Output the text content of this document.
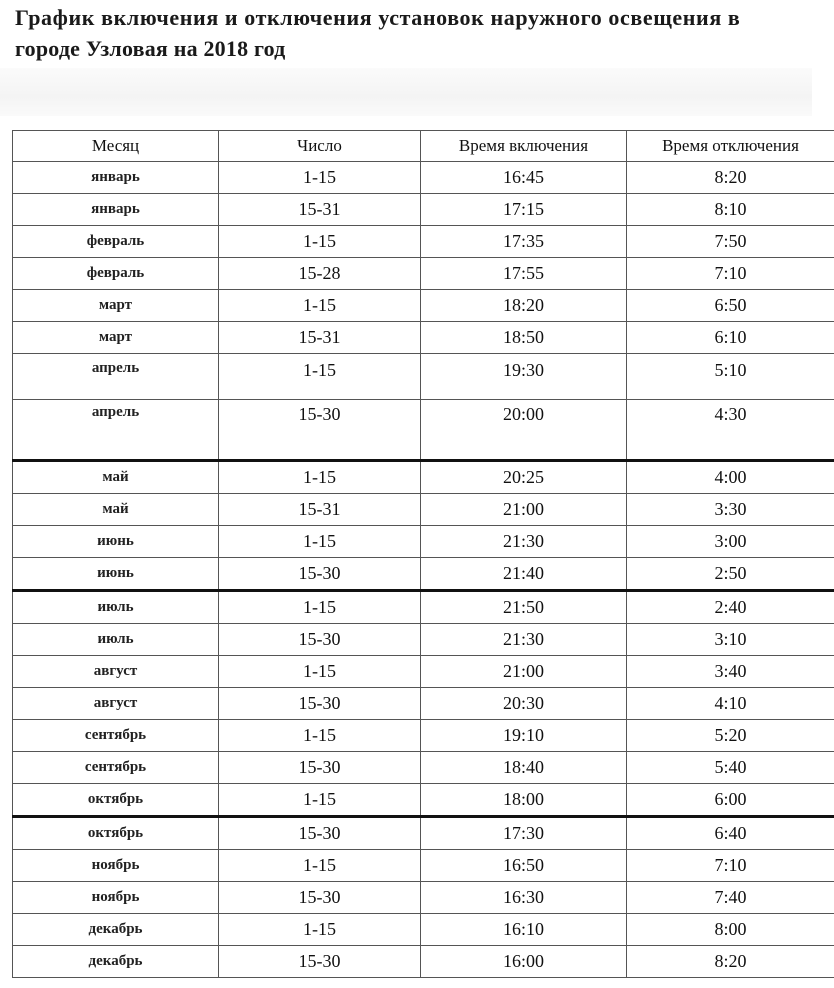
График включения и отключения установок наружного освещения в
городе Узловая на 2018 год
Месяц	Число	Время включения	Время отключения
январь	1-15	16:45	8:20
январь	15-31	17:15	8:10
февраль	1-15	17:35	7:50
февраль	15-28	17:55	7:10
март	1-15	18:20	6:50
март	15-31	18:50	6:10
апрель	1-15	19:30	5:10
апрель	15-30	20:00	4:30
май	1-15	20:25	4:00
май	15-31	21:00	3:30
июнь	1-15	21:30	3:00
июнь	15-30	21:40	2:50
июль	1-15	21:50	2:40
июль	15-30	21:30	3:10
август	1-15	21:00	3:40
август	15-30	20:30	4:10
сентябрь	1-15	19:10	5:20
сентябрь	15-30	18:40	5:40
октябрь	1-15	18:00	6:00
октябрь	15-30	17:30	6:40
ноябрь	1-15	16:50	7:10
ноябрь	15-30	16:30	7:40
декабрь	1-15	16:10	8:00
декабрь	15-30	16:00	8:20
